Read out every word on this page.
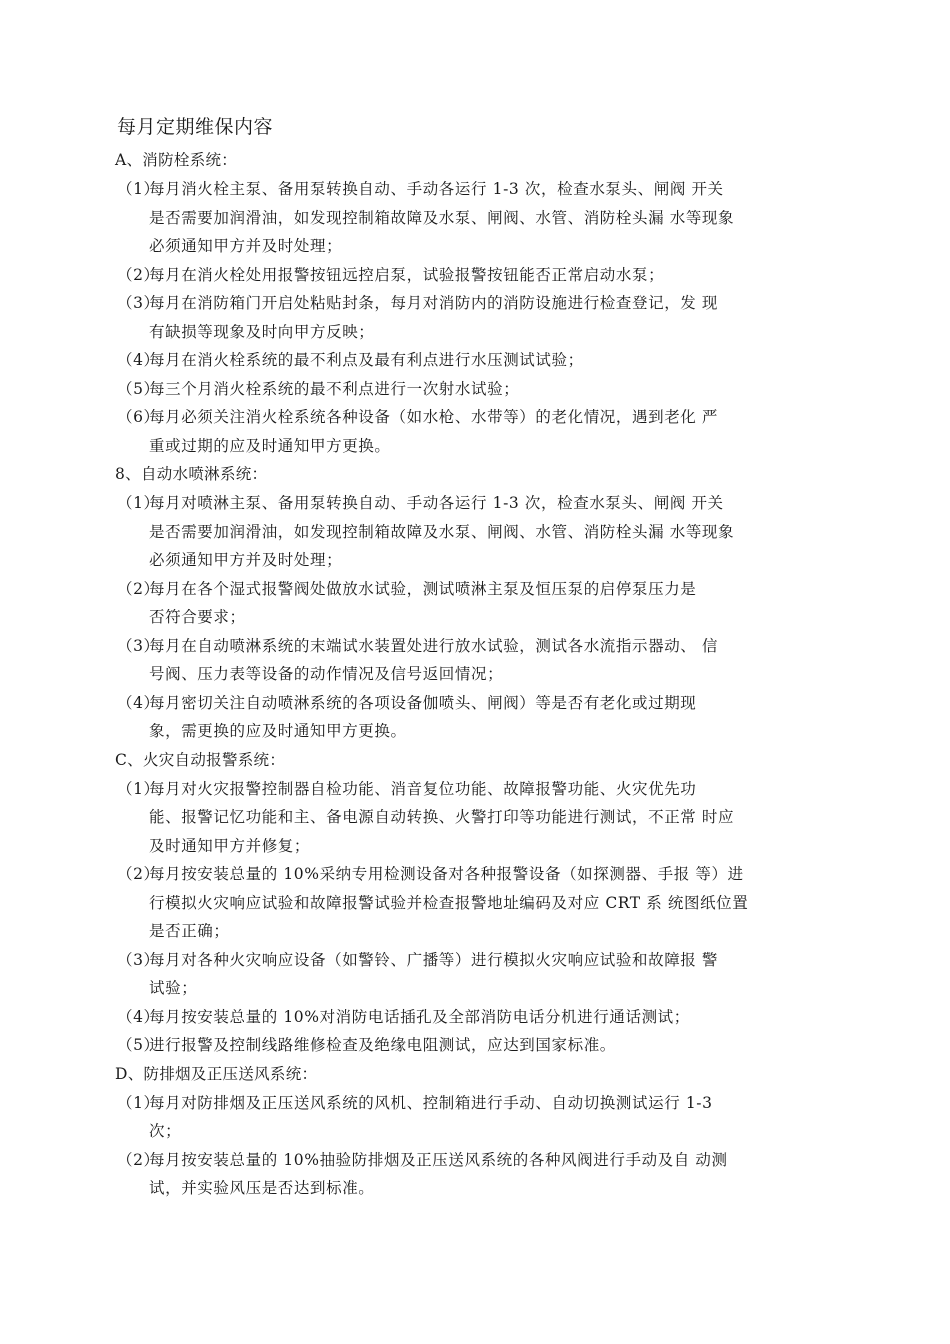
每月定期维保内容
A、消防栓系统：
（1）
每月消火栓主泵、备用泵转换自动、手动各运行 1-3 次，检查水泵头、闸阀 开关
是否需要加润滑油，如发现控制箱故障及水泵、闸阀、水管、消防栓头漏 水等现象
必须通知甲方并及时处理；
（2）
每月在消火栓处用报警按钮远控启泵，试验报警按钮能否正常启动水泵；
（3）
每月在消防箱门开启处粘贴封条，每月对消防内的消防设施进行检查登记，发 现
有缺损等现象及时向甲方反映；
（4）
每月在消火栓系统的最不利点及最有利点进行水压测试试验；
（5）
每三个月消火栓系统的最不利点进行一次射水试验；
（6）
每月必须关注消火栓系统各种设备（如水枪、水带等）的老化情况，遇到老化 严
重或过期的应及时通知甲方更换。
8、自动水喷淋系统：
（1）
每月对喷淋主泵、备用泵转换自动、手动各运行 1-3 次，检查水泵头、闸阀 开关
是否需要加润滑油，如发现控制箱故障及水泵、闸阀、水管、消防栓头漏 水等现象
必须通知甲方并及时处理；
（2）
每月在各个湿式报警阀处做放水试验，测试喷淋主泵及恒压泵的启停泵压力是
否符合要求；
（3）
每月在自动喷淋系统的末端试水装置处进行放水试验，测试各水流指示器动、 信
号阀、压力表等设备的动作情况及信号返回情况；
（4）
每月密切关注自动喷淋系统的各项设备伽喷头、闸阀）等是否有老化或过期现
象，需更换的应及时通知甲方更换。
C、火灾自动报警系统：
（1）
每月对火灾报警控制器自检功能、消音复位功能、故障报警功能、火灾优先功
能、报警记忆功能和主、备电源自动转换、火警打印等功能进行测试，不正常 时应
及时通知甲方并修复；
（2）
每月按安装总量的 10%采纳专用检测设备对各种报警设备（如探测器、手报 等）进
行模拟火灾响应试验和故障报警试验并检查报警地址编码及对应 CRT 系 统图纸位置
是否正确；
（3）
每月对各种火灾响应设备（如警铃、广播等）进行模拟火灾响应试验和故障报 警
试验；
（4）
每月按安装总量的 10%对消防电话插孔及全部消防电话分机进行通话测试；
（5）
进行报警及控制线路维修检查及绝缘电阻测试，应达到国家标准。
D、防排烟及正压送风系统：
（1）
每月对防排烟及正压送风系统的风机、控制箱进行手动、自动切换测试运行 1-3
次；
（2）
每月按安装总量的 10%抽验防排烟及正压送风系统的各种风阀进行手动及自 动测
试，并实验风压是否达到标准。
